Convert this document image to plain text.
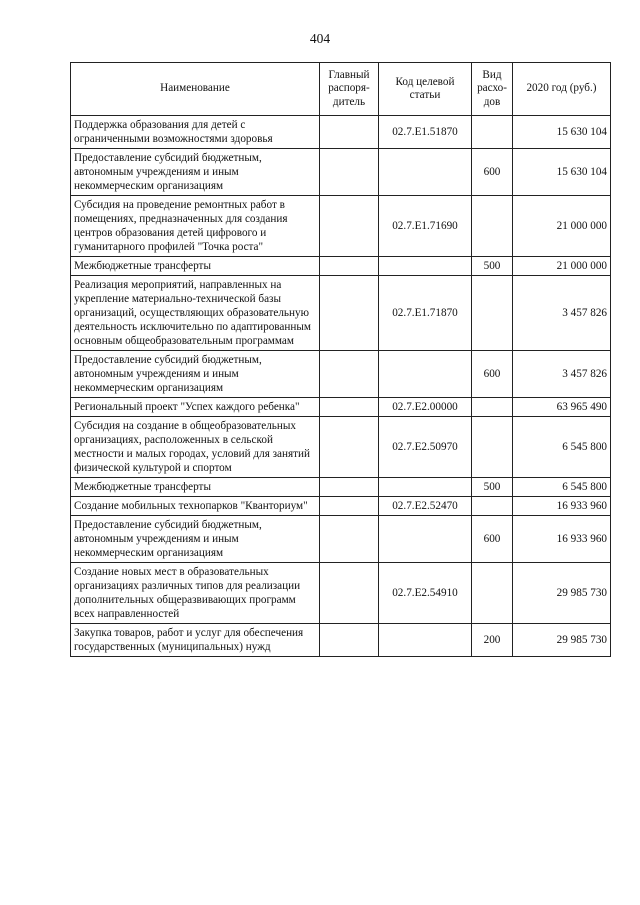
404
Наименование	Главный распоря-дитель	Код целевой статьи	Вид расхо-дов	2020 год (руб.)
Поддержка образования для детей с ограниченными возможностями здоровья		02.7.E1.51870		15 630 104
Предоставление субсидий бюджетным, автономным учреждениям и иным некоммерческим организациям			600	15 630 104
Субсидия на проведение ремонтных работ в помещениях, предназначенных для создания центров образования детей цифрового и гуманитарного профилей "Точка роста"		02.7.E1.71690		21 000 000
Межбюджетные трансферты			500	21 000 000
Реализация мероприятий, направленных на укрепление материально-технической базы организаций, осуществляющих образовательную деятельность исключительно по адаптированным основным общеобразовательным программам		02.7.E1.71870		3 457 826
Предоставление субсидий бюджетным, автономным учреждениям и иным некоммерческим организациям			600	3 457 826
Региональный проект "Успех каждого ребенка"		02.7.E2.00000		63 965 490
Субсидия на создание в общеобразовательных организациях, расположенных в сельской местности и малых городах, условий для занятий физической культурой и спортом		02.7.E2.50970		6 545 800
Межбюджетные трансферты			500	6 545 800
Создание мобильных технопарков "Кванториум"		02.7.E2.52470		16 933 960
Предоставление субсидий бюджетным, автономным учреждениям и иным некоммерческим организациям			600	16 933 960
Создание новых мест в образовательных организациях различных типов для реализации дополнительных общеразвивающих программ всех направленностей		02.7.E2.54910		29 985 730
Закупка товаров, работ и услуг для обеспечения государственных (муниципальных) нужд			200	29 985 730
